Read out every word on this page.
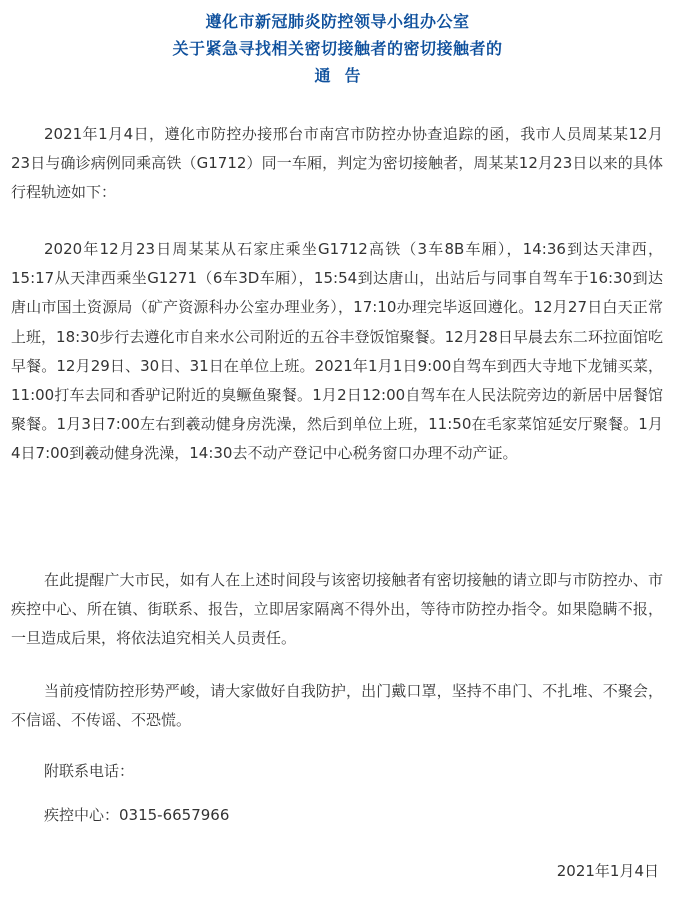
遵化市新冠肺炎防控领导小组办公室
关于紧急寻找相关密切接触者的密切接触者的
通告

2021年1月4日，遵化市防控办接邢台市南宫市防控办协查追踪的函，我市人员周某某12月23日与确诊病例同乘高铁（G1712）同一车厢，判定为密切接触者，周某某12月23日以来的具体行程轨迹如下：

2020年12月23日周某某从石家庄乘坐G1712高铁（3车8B车厢），14:36到达天津西，15:17从天津西乘坐G1271（6车3D车厢），15:54到达唐山，出站后与同事自驾车于16:30到达唐山市国土资源局（矿产资源科办公室办理业务），17:10办理完毕返回遵化。12月27日白天正常上班，18:30步行去遵化市自来水公司附近的五谷丰登饭馆聚餐。12月28日早晨去东二环拉面馆吃早餐。12月29日、30日、31日在单位上班。2021年1月1日9:00自驾车到西大寺地下龙铺买菜，11:00打车去同和香驴记附近的臭鳜鱼聚餐。1月2日12:00自驾车在人民法院旁边的新居中居餐馆聚餐。1月3日7:00左右到羲动健身房洗澡，然后到单位上班，11:50在毛家菜馆延安厅聚餐。1月4日7:00到羲动健身洗澡，14:30去不动产登记中心税务窗口办理不动产证。

在此提醒广大市民，如有人在上述时间段与该密切接触者有密切接触的请立即与市防控办、市疾控中心、所在镇、街联系、报告，立即居家隔离不得外出，等待市防控办指令。如果隐瞒不报，一旦造成后果，将依法追究相关人员责任。

当前疫情防控形势严峻，请大家做好自我防护，出门戴口罩，坚持不串门、不扎堆、不聚会，不信谣、不传谣、不恐慌。

附联系电话：

疾控中心：0315-6657966

2021年1月4日
